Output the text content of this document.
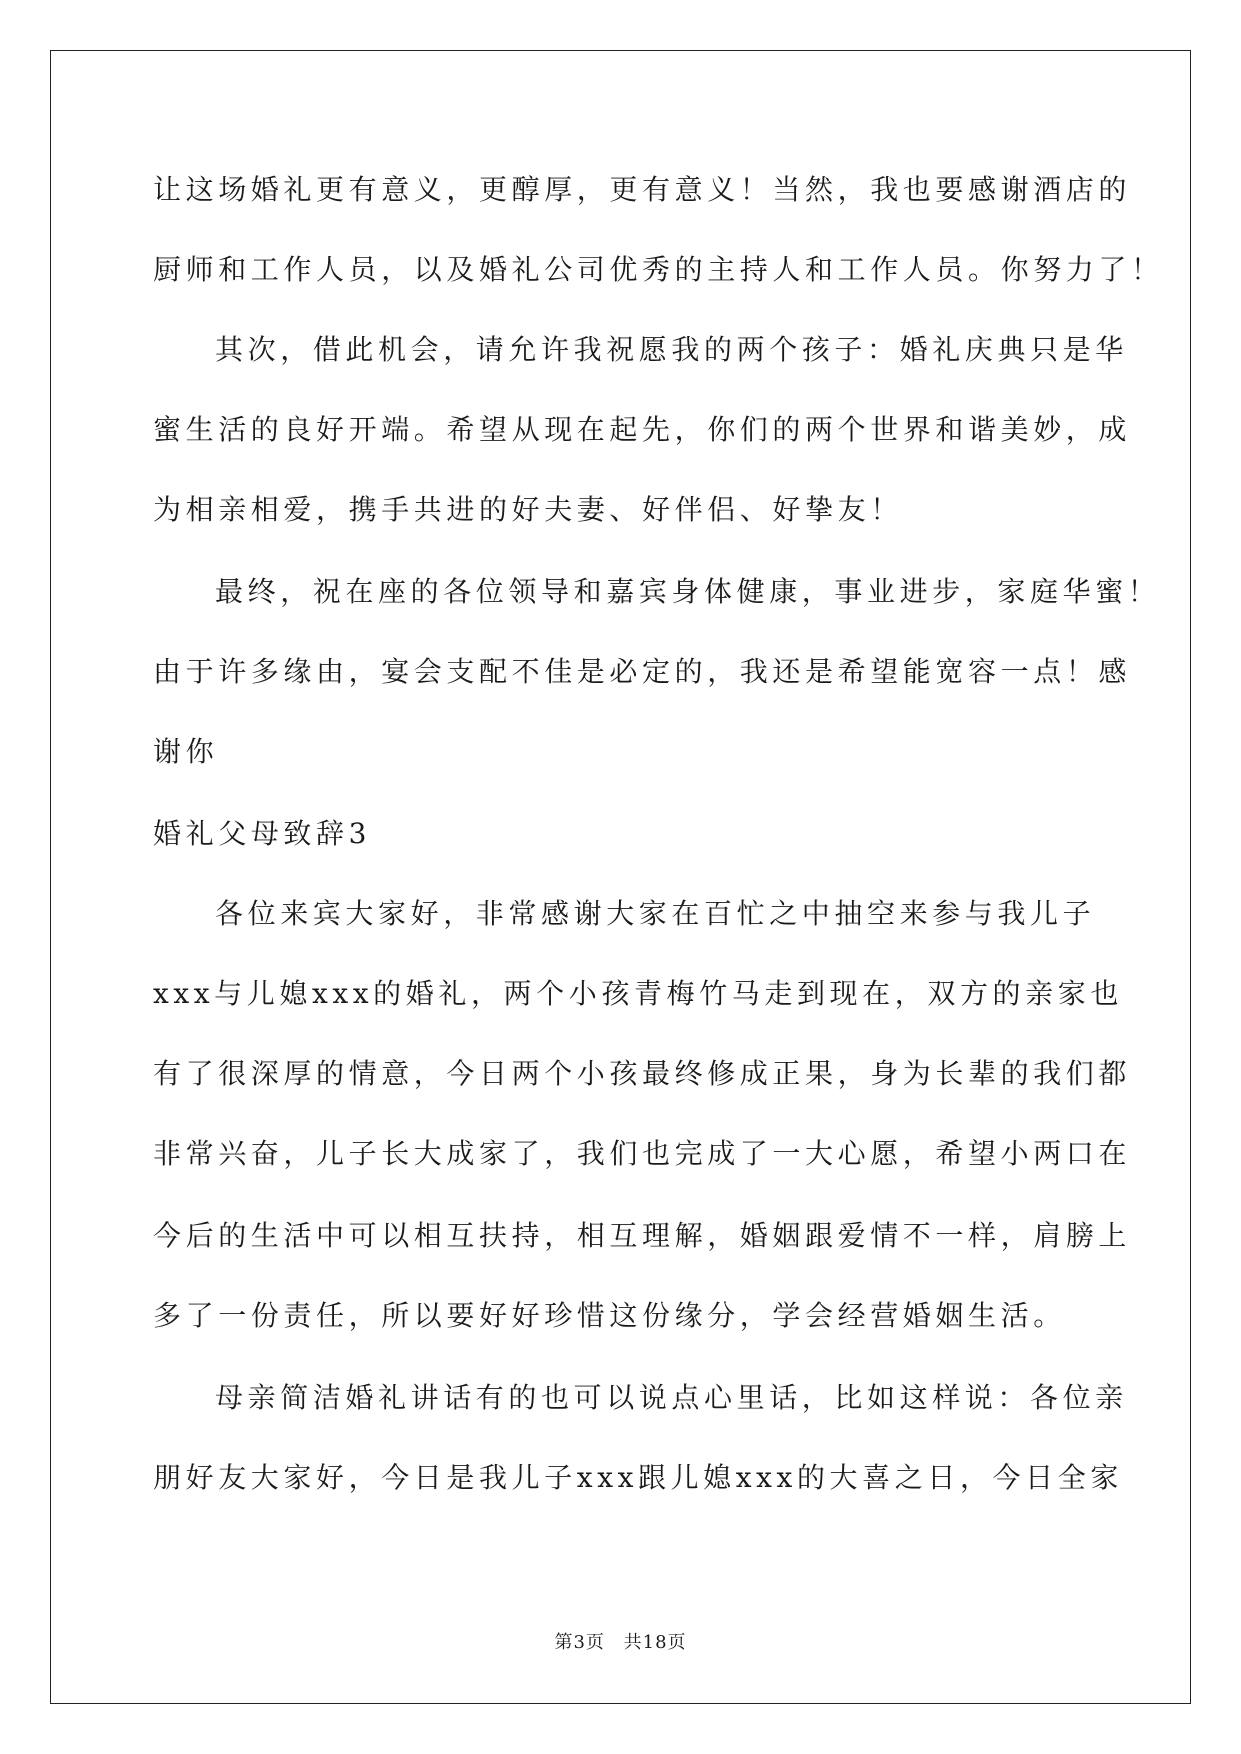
让这场婚礼更有意义，更醇厚，更有意义！当然，我也要感谢酒店的
厨师和工作人员，以及婚礼公司优秀的主持人和工作人员。你努力了！
其次，借此机会，请允许我祝愿我的两个孩子：婚礼庆典只是华
蜜生活的良好开端。希望从现在起先，你们的两个世界和谐美妙，成
为相亲相爱，携手共进的好夫妻、好伴侣、好挚友！
最终，祝在座的各位领导和嘉宾身体健康，事业进步，家庭华蜜！
由于许多缘由，宴会支配不佳是必定的，我还是希望能宽容一点！感
谢你
婚礼父母致辞3
各位来宾大家好，非常感谢大家在百忙之中抽空来参与我儿子
xxx与儿媳xxx的婚礼，两个小孩青梅竹马走到现在，双方的亲家也
有了很深厚的情意，今日两个小孩最终修成正果，身为长辈的我们都
非常兴奋，儿子长大成家了，我们也完成了一大心愿，希望小两口在
今后的生活中可以相互扶持，相互理解，婚姻跟爱情不一样，肩膀上
多了一份责任，所以要好好珍惜这份缘分，学会经营婚姻生活。
母亲简洁婚礼讲话有的也可以说点心里话，比如这样说：各位亲
朋好友大家好，今日是我儿子xxx跟儿媳xxx的大喜之日，今日全家
第3页 共18页
